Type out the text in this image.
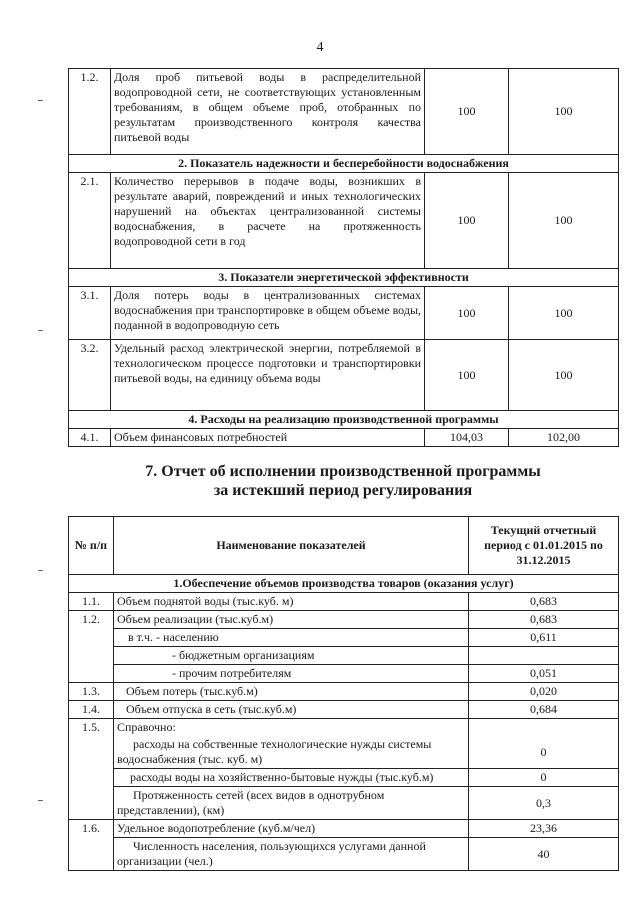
4
1.2.	Доля проб питьевой воды в распределительной водопроводной сети, не соответствующих установленным требованиям, в общем объеме проб, отобранных по результатам производственного контроля качества питьевой воды	100	100
2. Показатель надежности и бесперебойности водоснабжения			
2.1.	Количество перерывов в подаче воды, возникших в результате аварий, повреждений и иных технологических нарушений на объектах централизованной системы водоснабжения, в расчете на протяженность водопроводной сети в год	100	100
3. Показатели энергетической эффективности			
3.1.	Доля потерь воды в централизованных системах водоснабжения при транспортировке в общем объеме воды, поданной в водопроводную сеть	100	100
3.2.	Удельный расход электрической энергии, потребляемой в технологическом процессе подготовки и транспортировки питьевой воды, на единицу объема воды	100	100
4. Расходы на реализацию производственной программы			
4.1.	Объем финансовых потребностей	104,03	102,00
7. Отчет об исполнении производственной программы
за истекший период регулирования
№ п/п	Наименование показателей	Текущий отчетный период с 01.01.2015 по 31.12.2015
1.Обеспечение объемов производства товаров (оказания услуг)		
1.1.	Объем поднятой воды (тыс.куб. м)	0,683
1.2.	Объем реализации (тыс.куб.м)	0,683
	в т.ч. - населению	0,611
	- бюджетным организациям	
	- прочим потребителям	0,051
1.3.	Объем потерь (тыс.куб.м)	0,020
1.4.	Объем отпуска в сеть (тыс.куб.м)	0,684
1.5.	Справочно:	
	расходы на собственные технологические нужды системы водоснабжения (тыс. куб. м)	0
	расходы воды на хозяйственно-бытовые нужды (тыс.куб.м)	0
	Протяженность сетей (всех видов в однотрубном представлении), (км)	0,3
1.6.	Удельное водопотребление (куб.м/чел)	23,36
	Численность населения, пользующихся услугами данной организации (чел.)	40
